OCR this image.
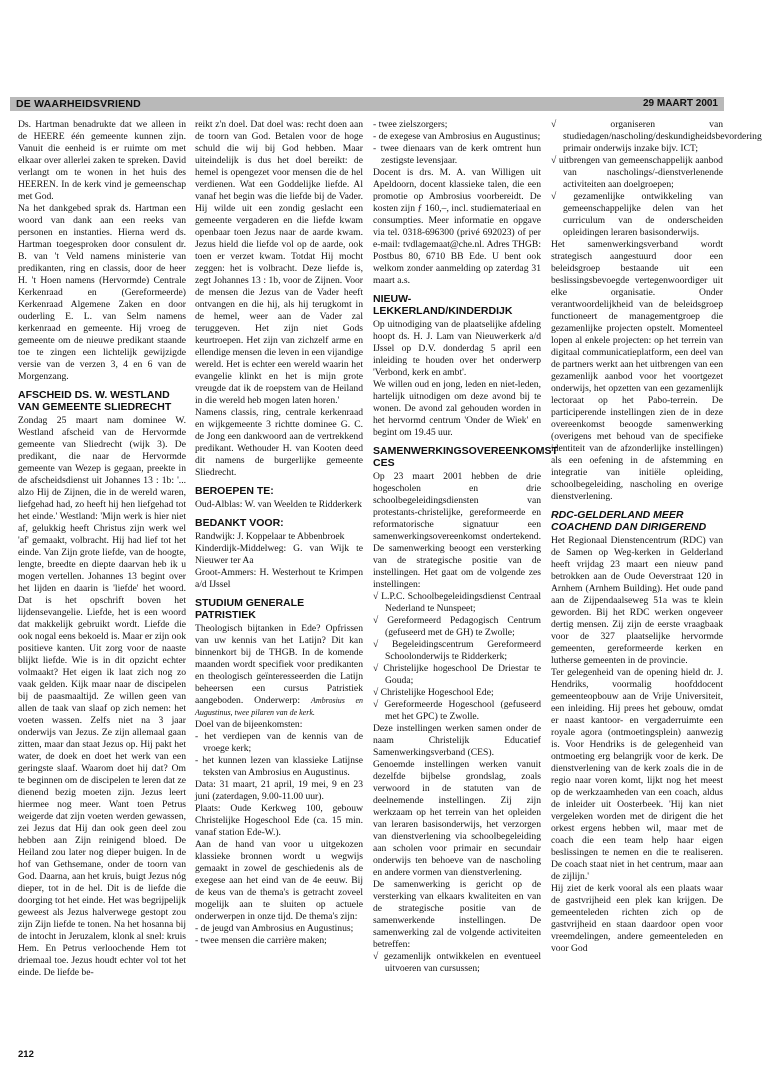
DE WAARHEIDSVRIEND	29 MAART 2001

Ds. Hartman benadrukte dat we alleen in de HEERE één gemeente kunnen zijn. Vanuit die eenheid is er ruimte om met elkaar over allerlei zaken te spreken. David verlangt om te wonen in het huis des HEEREN. In de kerk vind je gemeenschap met God.

Na het dankgebed sprak ds. Hartman een woord van dank aan een reeks van personen en instanties. Hierna werd ds. Hartman toegesproken door consulent dr. B. van 't Veld namens ministerie van predikanten, ring en classis, door de heer H. 't Hoen namens (Hervormde) Centrale Kerkenraad en (Gereformeerde) Kerkenraad Algemene Zaken en door ouderling E. L. van Selm namens kerkenraad en gemeente. Hij vroeg de gemeente om de nieuwe predikant staande toe te zingen een lichtelijk gewijzigde versie van de verzen 3, 4 en 6 van de Morgenzang.

AFSCHEID DS. W. WESTLAND VAN GEMEENTE SLIEDRECHT

Zondag 25 maart nam dominee W. Westland afscheid van de Hervormde gemeente van Sliedrecht (wijk 3). De predikant, die naar de Hervormde gemeente van Wezep is gegaan, preekte in de afscheidsdienst uit Johannes 13 : 1b: '... alzo Hij de Zijnen, die in de wereld waren, liefgehad had, zo heeft hij hen liefgehad tot het einde.' Westland: 'Mijn werk is hier niet af, gelukkig heeft Christus zijn werk wel 'af' gemaakt, volbracht. Hij had lief tot het einde. Van Zijn grote liefde, van de hoogte, lengte, breedte en diepte daarvan heb ik u mogen vertellen. Johannes 13 begint over het lijden en daarin is 'liefde' het woord. Dat is het opschrift boven het lijdensevangelie. Liefde, het is een woord dat makkelijk gebruikt wordt. Liefde die ook nogal eens bekoeld is. Maar er zijn ook positieve kanten. Uit zorg voor de naaste blijkt liefde. Wie is in dit opzicht echter volmaakt? Het eigen ik laat zich nog zo vaak gelden. Kijk maar naar de discipelen bij de paasmaaltijd. Ze willen geen van allen de taak van slaaf op zich nemen: het voeten wassen. Zelfs niet na 3 jaar onderwijs van Jezus. Ze zijn allemaal gaan zitten, maar dan staat Jezus op. Hij pakt het water, de doek en doet het werk van een geringste slaaf. Waarom doet hij dat? Om te beginnen om de discipelen te leren dat ze dienend bezig moeten zijn. Jezus leert hiermee nog meer. Want toen Petrus weigerde dat zijn voeten werden gewassen, zei Jezus dat Hij dan ook geen deel zou hebben aan Zijn reinigend bloed. De Heiland zou later nog dieper buigen. In de hof van Gethsemane, onder de toorn van God. Daarna, aan het kruis, buigt Jezus nóg dieper, tot in de hel. Dit is de liefde die doorging tot het einde. Het was begrijpelijk geweest als Jezus halverwege gestopt zou zijn Zijn liefde te tonen. Na het hosanna bij de intocht in Jeruzalem, klonk al snel: kruis Hem. En Petrus verloochende Hem tot driemaal toe. Jezus houdt echter vol tot het einde. De liefde be-

reikt z'n doel. Dat doel was: recht doen aan de toorn van God. Betalen voor de hoge schuld die wij bij God hebben. Maar uiteindelijk is dus het doel bereikt: de hemel is opengezet voor mensen die de hel verdienen. Wat een Goddelijke liefde. Al vanaf het begin was die liefde bij de Vader. Hij wilde uit een zondig geslacht een gemeente vergaderen en die liefde kwam openbaar toen Jezus naar de aarde kwam. Jezus hield die liefde vol op de aarde, ook toen er verzet kwam. Totdat Hij mocht zeggen: het is volbracht. Deze liefde is, zegt Johannes 13 : 1b, voor de Zijnen. Voor de mensen die Jezus van de Vader heeft ontvangen en die hij, als hij terugkomt in de hemel, weer aan de Vader zal teruggeven. Het zijn niet Gods keurtroepen. Het zijn van zichzelf arme en ellendige mensen die leven in een vijandige wereld. Het is echter een wereld waarin het evangelie klinkt en het is mijn grote vreugde dat ik de roepstem van de Heiland in die wereld heb mogen laten horen.'

Namens classis, ring, centrale kerkenraad en wijkgemeente 3 richtte dominee G. C. de Jong een dankwoord aan de vertrekkend predikant. Wethouder H. van Kooten deed dit namens de burgerlijke gemeente Sliedrecht.

BEROEPEN TE:

Oud-Alblas: W. van Weelden te Ridderkerk

BEDANKT VOOR:

Randwijk: J. Koppelaar te Abbenbroek

Kinderdijk-Middelweg: G. van Wijk te Nieuwer ter Aa

Groot-Ammers: H. Westerhout te Krimpen a/d IJssel

STUDIUM GENERALE PATRISTIEK

Theologisch bijtanken in Ede? Opfrissen van uw kennis van het Latijn? Dit kan binnenkort bij de THGB. In de komende maanden wordt specifiek voor predikanten en theologisch geïnteresseerden die Latijn beheersen een cursus Patristiek aangeboden. Onderwerp: Ambrosius en Augustinus, twee pilaren van de kerk.

Doel van de bijeenkomsten:

- het verdiepen van de kennis van de vroege kerk;
- het kunnen lezen van klassieke Latijnse teksten van Ambrosius en Augustinus.

Data: 31 maart, 21 april, 19 mei, 9 en 23 juni (zaterdagen, 9.00-11.00 uur).

Plaats: Oude Kerkweg 100, gebouw Christelijke Hogeschool Ede (ca. 15 min. vanaf station Ede-W.).

Aan de hand van voor u uitgekozen klassieke bronnen wordt u wegwijs gemaakt in zowel de geschiedenis als de exegese aan het eind van de 4e eeuw. Bij de keus van de thema's is getracht zoveel mogelijk aan te sluiten op actuele onderwerpen in onze tijd. De thema's zijn:

- de jeugd van Ambrosius en Augustinus;
- twee mensen die carrière maken;
- twee zielszorgers;
- de exegese van Ambrosius en Augustinus;
- twee dienaars van de kerk omtrent hun zestigste levensjaar.

Docent is drs. M. A. van Willigen uit Apeldoorn, docent klassieke talen, die een promotie op Ambrosius voorbereidt. De kosten zijn ƒ 160,–, incl. studiemateriaal en consumpties. Meer informatie en opgave via tel. 0318-696300 (privé 692023) of per e-mail: tvdlagemaat@che.nl. Adres THGB: Postbus 80, 6710 BB Ede. U bent ook welkom zonder aanmelding op zaterdag 31 maart a.s.

NIEUW-LEKKERLAND/KINDERDIJK

Op uitnodiging van de plaatselijke afdeling hoopt ds. H. J. Lam van Nieuwerkerk a/d IJssel op D.V. donderdag 5 april een inleiding te houden over het onderwerp 'Verbond, kerk en ambt'.

We willen oud en jong, leden en niet-leden, hartelijk uitnodigen om deze avond bij te wonen. De avond zal gehouden worden in het hervormd centrum 'Onder de Wiek' en begint om 19.45 uur.

SAMENWERKINGSOVEREENKOMST CES

Op 23 maart 2001 hebben de drie hogescholen en drie schoolbegeleidingsdiensten van protestants-christelijke, gereformeerde en reformatorische signatuur een samenwerkingsovereenkomst ondertekend. De samenwerking beoogt een versterking van de strategische positie van de instellingen. Het gaat om de volgende zes instellingen:

√ L.P.C. Schoolbegeleidingsdienst Centraal Nederland te Nunspeet;
√ Gereformeerd Pedagogisch Centrum (gefuseerd met de GH) te Zwolle;
√ Begeleidingscentrum Gereformeerd Schoolonderwijs te Ridderkerk;
√ Christelijke hogeschool De Driestar te Gouda;
√ Christelijke Hogeschool Ede;
√ Gereformeerde Hogeschool (gefuseerd met het GPC) te Zwolle.

Deze instellingen werken samen onder de naam Christelijk Educatief Samenwerkingsverband (CES).

Genoemde instellingen werken vanuit dezelfde bijbelse grondslag, zoals verwoord in de statuten van de deelnemende instellingen. Zij zijn werkzaam op het terrein van het opleiden van leraren basisonderwijs, het verzorgen van dienstverlening via schoolbegeleiding aan scholen voor primair en secundair onderwijs ten behoeve van de nascholing en andere vormen van dienstverlening.

De samenwerking is gericht op de versterking van elkaars kwaliteiten en van de strategische positie van de samenwerkende instellingen. De samenwerking zal de volgende activiteiten betreffen:

√ gezamenlijk ontwikkelen en eventueel uitvoeren van cursussen;
√ organiseren van studiedagen/nascholing/deskundigheidsbevordering primair onderwijs inzake bijv. ICT;
√ uitbrengen van gemeenschappelijk aanbod van nascholings/-dienstverlenende activiteiten aan doelgroepen;
√ gezamenlijke ontwikkeling van gemeenschappelijke delen van het curriculum van de onderscheiden opleidingen leraren basisonderwijs.

Het samenwerkingsverband wordt strategisch aangestuurd door een beleidsgroep bestaande uit een beslissingsbevoegde vertegenwoordiger uit elke organisatie. Onder verantwoordelijkheid van de beleidsgroep functioneert de managementgroep die gezamenlijke projecten opstelt. Momenteel lopen al enkele projecten: op het terrein van digitaal communicatieplatform, een deel van de partners werkt aan het uitbrengen van een gezamenlijk aanbod voor het voortgezet onderwijs, het opzetten van een gezamenlijk lectoraat op het Pabo-terrein. De participerende instellingen zien de in deze overeenkomst beoogde samenwerking (overigens met behoud van de specifieke identiteit van de afzonderlijke instellingen) als een oefening in de afstemming en integratie van initiële opleiding, schoolbegeleiding, nascholing en overige dienstverlening.

RDC-GELDERLAND MEER COACHEND DAN DIRIGEREND

Het Regionaal Dienstencentrum (RDC) van de Samen op Weg-kerken in Gelderland heeft vrijdag 23 maart een nieuw pand betrokken aan de Oude Oeverstraat 120 in Arnhem (Arnhem Building). Het oude pand aan de Zijpendaalseweg 51a was te klein geworden. Bij het RDC werken ongeveer dertig mensen. Zij zijn de eerste vraagbaak voor de 327 plaatselijke hervormde gemeenten, gereformeerde kerken en lutherse gemeenten in de provincie.

Ter gelegenheid van de opening hield dr. J. Hendriks, voormalig hoofddocent gemeenteopbouw aan de Vrije Universiteit, een inleiding. Hij prees het gebouw, omdat er naast kantoor- en vergaderruimte een royale agora (ontmoetingsplein) aanwezig is. Voor Hendriks is de gelegenheid van ontmoeting erg belangrijk voor de kerk. De dienstverlening van de kerk zoals die in de regio naar voren komt, lijkt nog het meest op de werkzaamheden van een coach, aldus de inleider uit Oosterbeek. 'Hij kan niet vergeleken worden met de dirigent die het orkest ergens hebben wil, maar met de coach die een team help haar eigen beslissingen te nemen en die te realiseren. De coach staat niet in het centrum, maar aan de zijlijn.'

Hij ziet de kerk vooral als een plaats waar de gastvrijheid een plek kan krijgen. De gemeenteleden richten zich op de gastvrijheid en staan daardoor open voor vreemdelingen, andere gemeenteleden en voor God

212
